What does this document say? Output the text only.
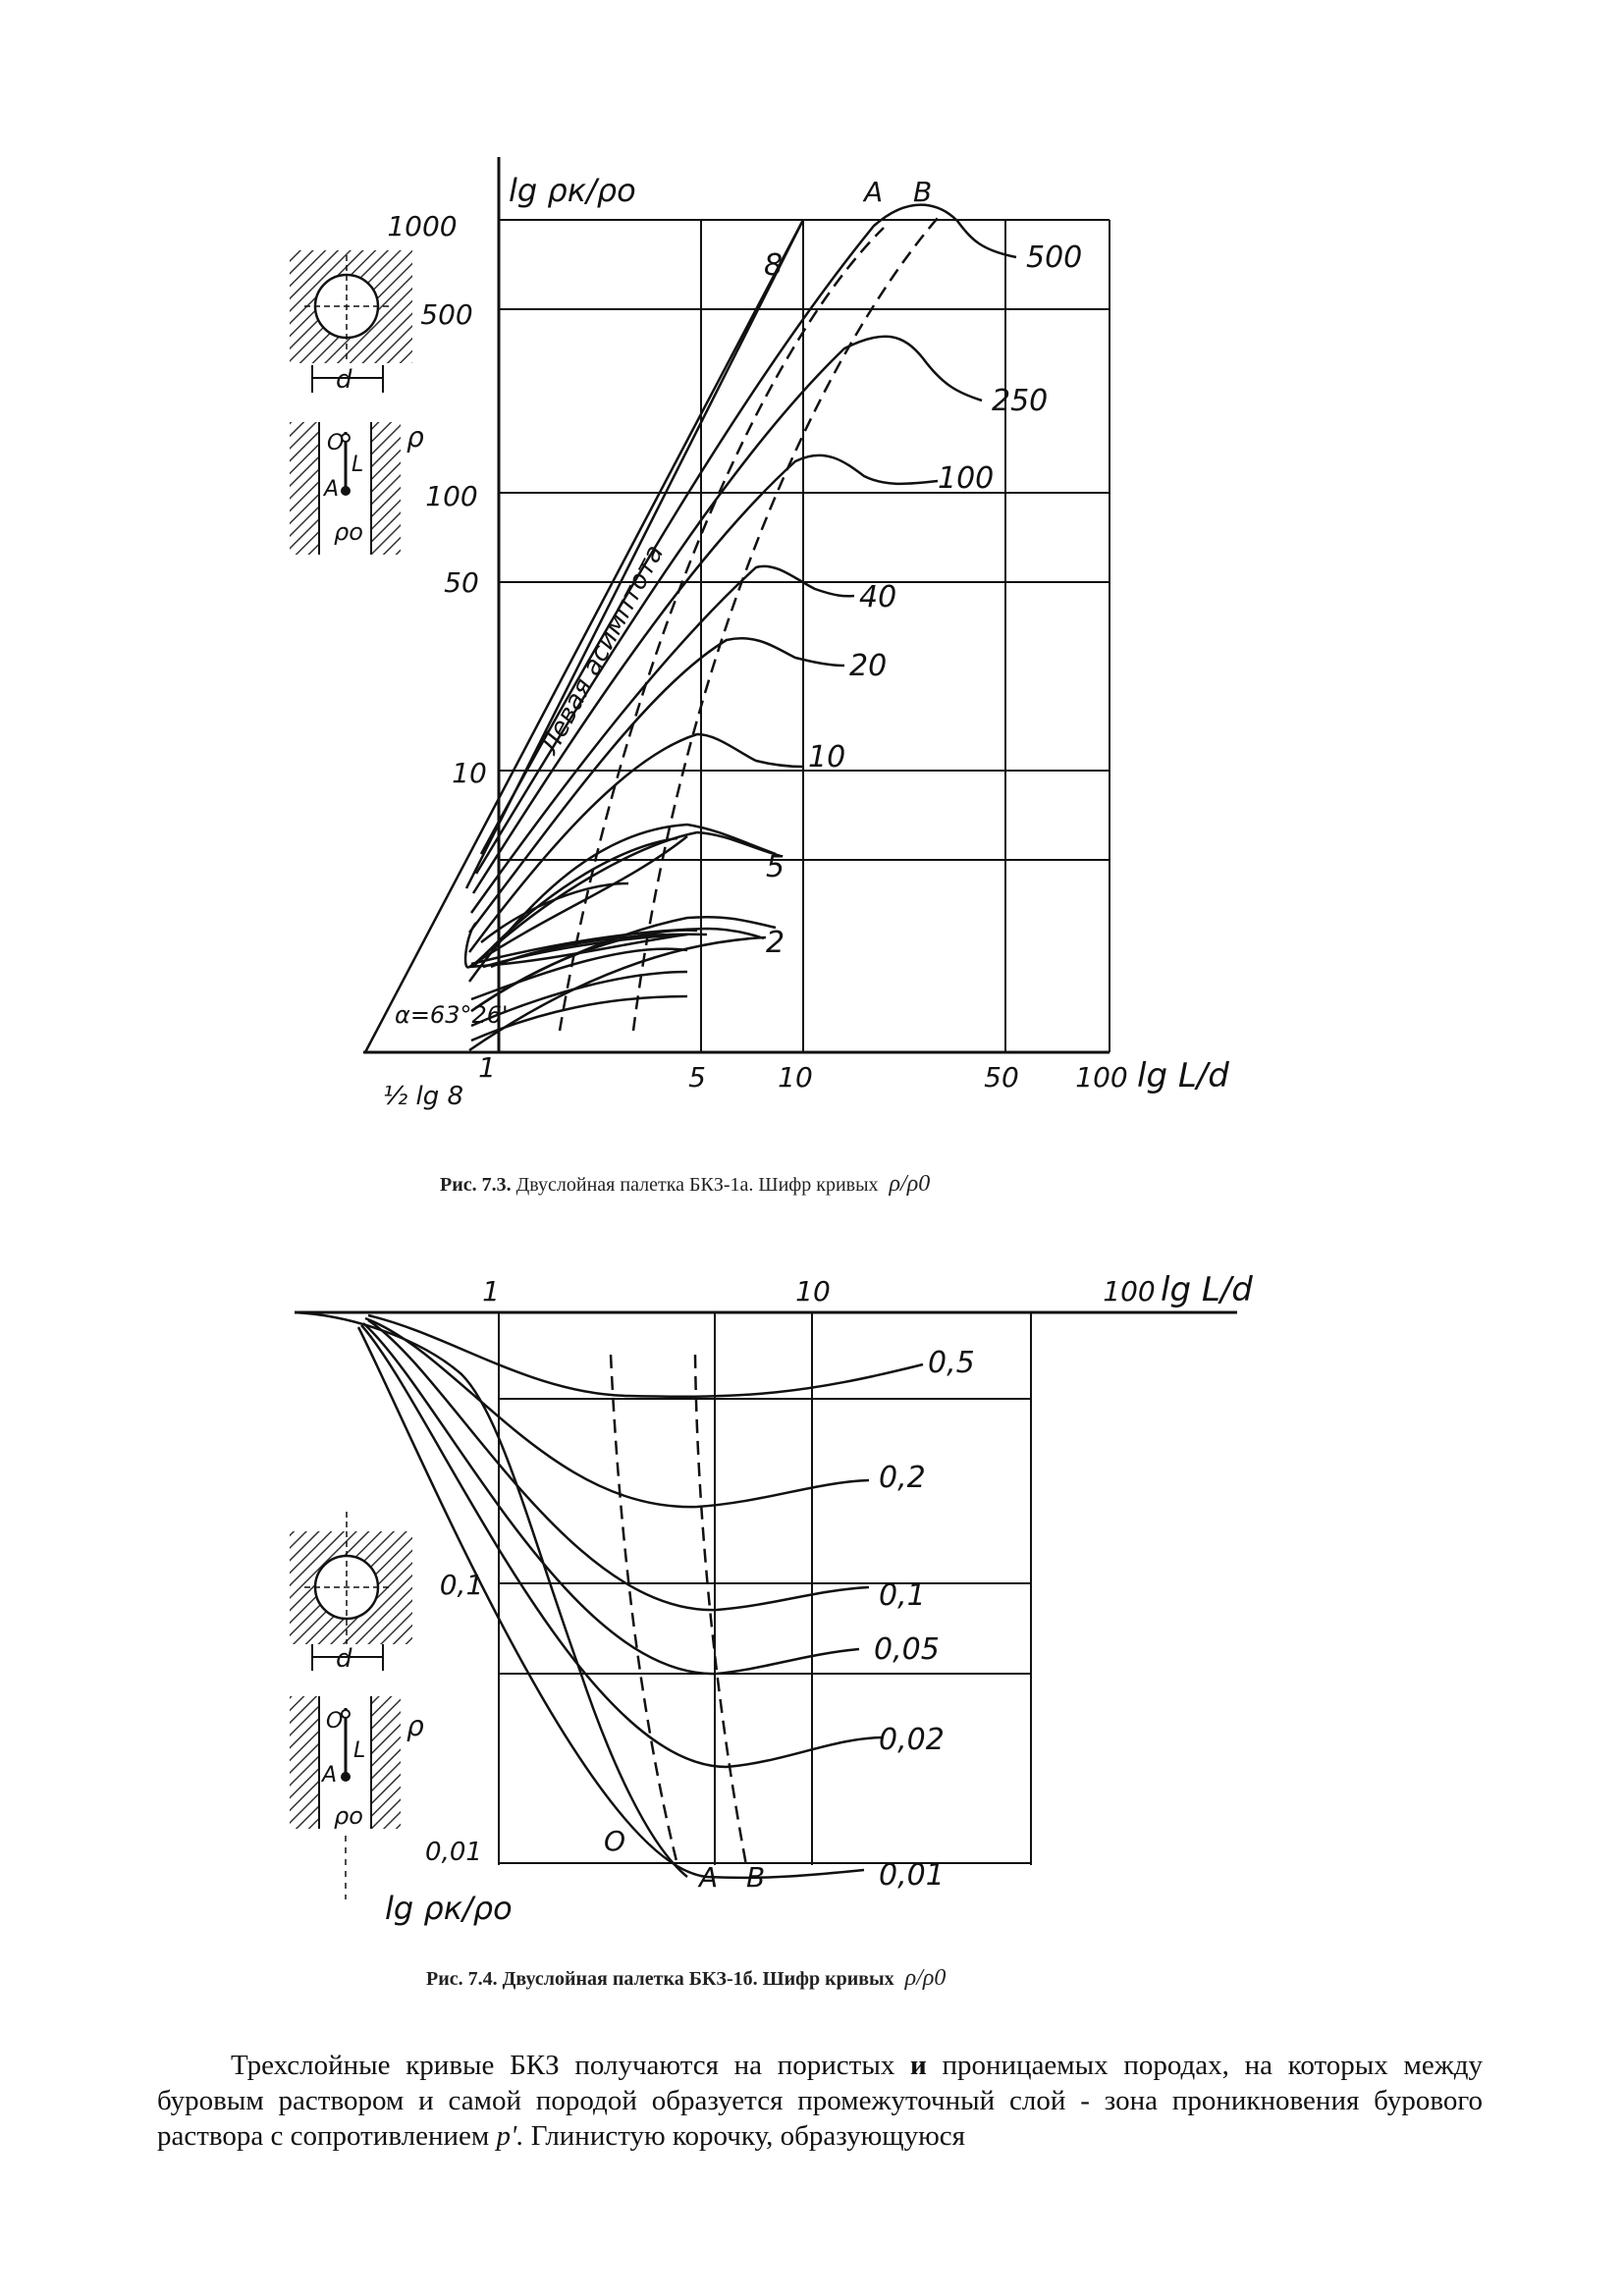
lg ρк/ρо
1000
500
100
50
10
1	5	10	50 100 lg L/d
Левая асимптота
α=63°26'
½ lg 8
8	500
250
100
40
20
10
5
2
A B
d
O
L
A
ρ
ρо
1	10	100 lg L/d
0,1
0,01
lg ρк/ρо
0,5
0,2
0,1
0,05
0,02
0,01
O
A B
d
O
L
A
ρ
ρо
Рис. 7.3. Двуслойная палетка БКЗ-1а. Шифр кривых ρ/ρ0
Рис. 7.4. Двуслойная палетка БКЗ-1б. Шифр кривых ρ/ρ0
Трехслойные кривые БКЗ получаются на пористых и проницаемых породах, на которых между буровым раствором и самой породой образуется промежуточный слой - зона проникновения бурового раствора с сопротивлением p'. Глинистую корочку, образующуюся
